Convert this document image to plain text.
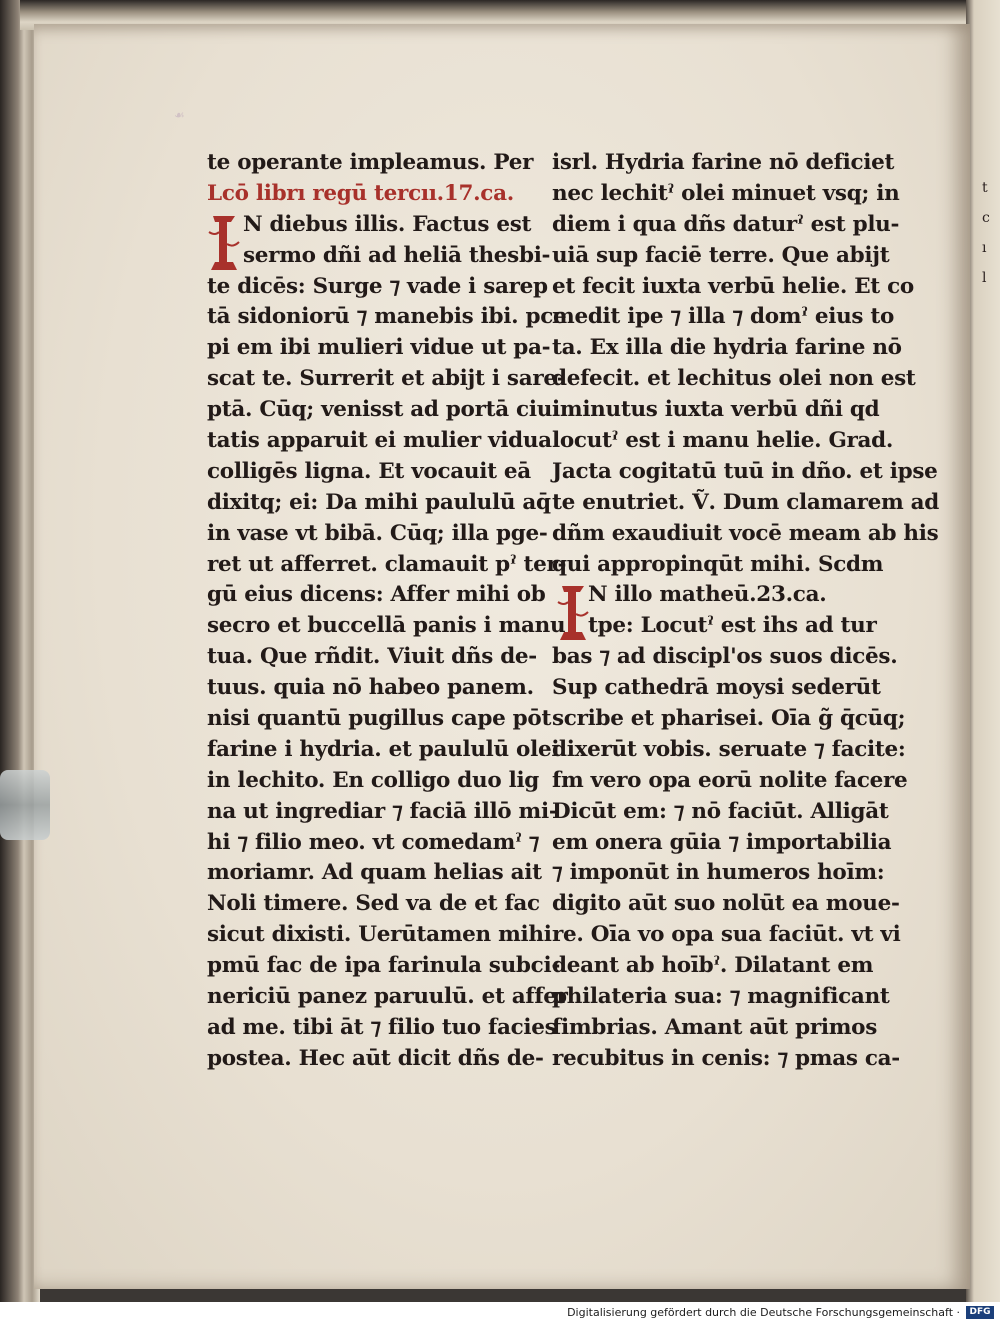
t
c
ı
l
☙
te operante impleamus. Per
Lcō librı regū tercıı.17.ca.
N diebus illis. Factus est
sermo dñi ad heliā thesbi-
te dicēs: Surge ⁊ vade i sarep
tā sidoniorū ⁊ manebis ibi. pce
pi em ibi mulieri vidue ut pa-
scat te. Surrerit et abijt i sare-
ptā. Cūq; venisst ad portā ciui
tatis apparuit ei mulier vidua
colligēs ligna. Et vocauit eā
dixitq; ei: Da mihi paululū aq̄
in vase vt bibā. Cūq; illa pge-
ret ut afferret. clamauit pˀ ter-
gū eius dicens: Affer mihi ob
secro et buccellā panis i manu
tua. Que rñdit. Viuit dñs de-
tuus. quia nō habeo panem.
nisi quantū pugillus cape pōt
farine i hydria. et paululū olei
in lechito. En colligo duo lig
na ut ingrediar ⁊ faciā illō mi-
hi ⁊ filio meo. vt comedamˀ ⁊
moriamr. Ad quam helias ait
Noli timere. Sed va de et fac
sicut dixisti. Uerūtamen mihi
pmū fac de ipa farinula subci-
nericiū panez paruulū. et affer
ad me. tibi āt ⁊ filio tuo facies
postea. Hec aūt dicit dñs de-
isrl. Hydria farine nō deficiet
nec lechitˀ olei minuet vsq; in
diem i qua dñs daturˀ est plu-
uiā sup faciē terre. Que abijt
et fecit iuxta verbū helie. Et co
medit ipe ⁊ illa ⁊ domˀ eius to
ta. Ex illa die hydria farine nō
defecit. et lechitus olei non est
iminutus iuxta verbū dñi qd
locutˀ est i manu helie. Grad.
Jacta cogitatū tuū in dño. et ipse
te enutriet. Ṽ. Dum clamarem ad
dñm exaudiuit vocē meam ab his
qui appropinqūt mihi. Scdm
N illo matheū.23.ca.
tpe: Locutˀ est ihs ad tur
bas ⁊ ad discipl'os suos dicēs.
Sup cathedrā moysi sederūt
scribe et pharisei. Oīa g̃ q̄cūq;
dixerūt vobis. seruate ⁊ facite:
fm vero opa eorū nolite facere
Dicūt em: ⁊ nō faciūt. Alligāt
em onera gūia ⁊ importabilia
⁊ imponūt in humeros hoīm:
digito aūt suo nolūt ea moue-
re. Oīa vo opa sua faciūt. vt vi
deant ab hoībˀ. Dilatant em
philateria sua: ⁊ magnificant
fimbrias. Amant aūt primos
recubitus in cenis: ⁊ pmas ca-
Digitalisierung gefördert durch die Deutsche Forschungsgemeinschaft ·	DFG
